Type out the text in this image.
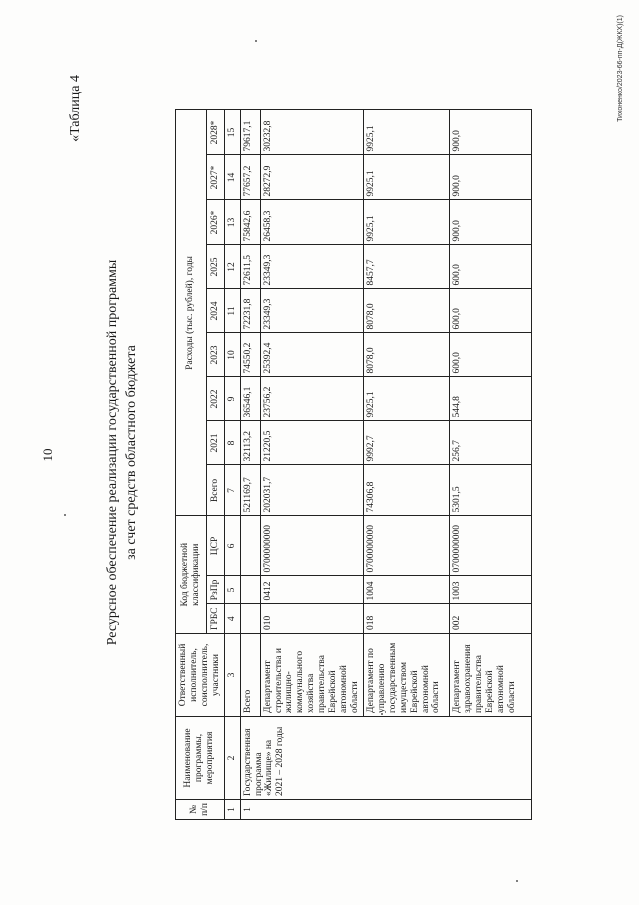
10
«Таблица 4
Ресурсное обеспечение реализации государственной программы за счет средств областного бюджета
№ п/п	Наименование программы, мероприятия	Ответственный исполнитель, соисполнитель, участники	Код бюджетной классификации			Расходы (тыс. рублей), годы								
			ГРБС	РзПр	ЦСР	Всего	2021	2022	2023	2024	2025	2026*	2027*	2028*
1	2	3	4	5	6	7	8	9	10	11	12	13	14	15
1	Государственная программа «Жилище» на 2021 – 2028 годы	Всего				521169,7	32113,2	36546,1	74550,2	72231,8	72611,5	75842,6	77657,2	79617,1
		Департамент строительства и жилищно-коммунального хозяйства правительства Еврейской автономной области	010	0412	0700000000	202031,7	21220,5	23756,2	25392,4	23349,3	23349,3	26458,3	28272,9	30232,8
		Департамент по управлению государственным имуществом Еврейской автономной области	018	1004	0700000000	74306,8	9992,7	9925,1	8078,0	8078,0	8457,7	9925,1	9925,1	9925,1
		Департамент здравоохранения правительства Еврейской автономной области	002	1003	0700000000	5301,5	256,7	544,8	600,0	600,0	600,0	900,0	900,0	900,0
Тихоненко/2023-66-пп-Д(ЖКХ)(1)
